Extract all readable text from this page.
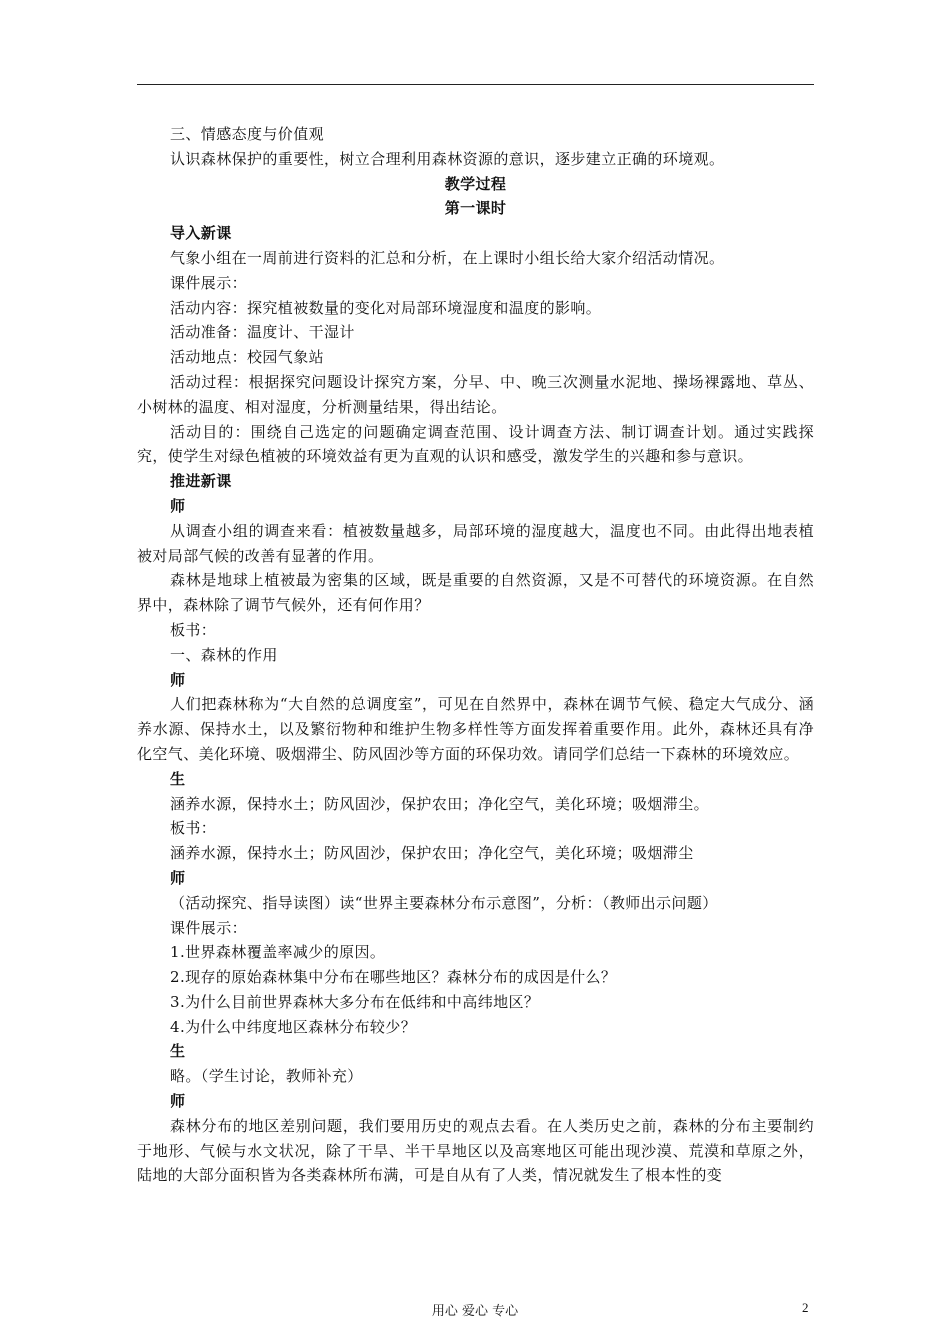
三、情感态度与价值观

认识森林保护的重要性，树立合理利用森林资源的意识，逐步建立正确的环境观。

教学过程

第一课时

导入新课

气象小组在一周前进行资料的汇总和分析，在上课时小组长给大家介绍活动情况。

课件展示：

活动内容：探究植被数量的变化对局部环境湿度和温度的影响。

活动准备：温度计、干湿计

活动地点：校园气象站

活动过程：根据探究问题设计探究方案，分早、中、晚三次测量水泥地、操场裸露地、草丛、小树林的温度、相对湿度，分析测量结果，得出结论。

活动目的：围绕自己选定的问题确定调查范围、设计调查方法、制订调查计划。通过实践探究，使学生对绿色植被的环境效益有更为直观的认识和感受，激发学生的兴趣和参与意识。

推进新课

师

从调查小组的调查来看：植被数量越多，局部环境的湿度越大，温度也不同。由此得出地表植被对局部气候的改善有显著的作用。

森林是地球上植被最为密集的区域，既是重要的自然资源，又是不可替代的环境资源。在自然界中，森林除了调节气候外，还有何作用？

板书：

一、森林的作用

师

人们把森林称为“大自然的总调度室”，可见在自然界中，森林在调节气候、稳定大气成分、涵养水源、保持水土，以及繁衍物种和维护生物多样性等方面发挥着重要作用。此外，森林还具有净化空气、美化环境、吸烟滞尘、防风固沙等方面的环保功效。请同学们总结一下森林的环境效应。

生

涵养水源，保持水土；防风固沙，保护农田；净化空气，美化环境；吸烟滞尘。

板书：

涵养水源，保持水土；防风固沙，保护农田；净化空气，美化环境；吸烟滞尘

师

（活动探究、指导读图）读“世界主要森林分布示意图”，分析：（教师出示问题）

课件展示：

1.世界森林覆盖率减少的原因。

2.现存的原始森林集中分布在哪些地区？森林分布的成因是什么？

3.为什么目前世界森林大多分布在低纬和中高纬地区？

4.为什么中纬度地区森林分布较少？

生

略。（学生讨论，教师补充）

师

森林分布的地区差别问题，我们要用历史的观点去看。在人类历史之前，森林的分布主要制约于地形、气候与水文状况，除了干旱、半干旱地区以及高寒地区可能出现沙漠、荒漠和草原之外，陆地的大部分面积皆为各类森林所布满，可是自从有了人类，情况就发生了根本性的变

用心 爱心 专心	2
